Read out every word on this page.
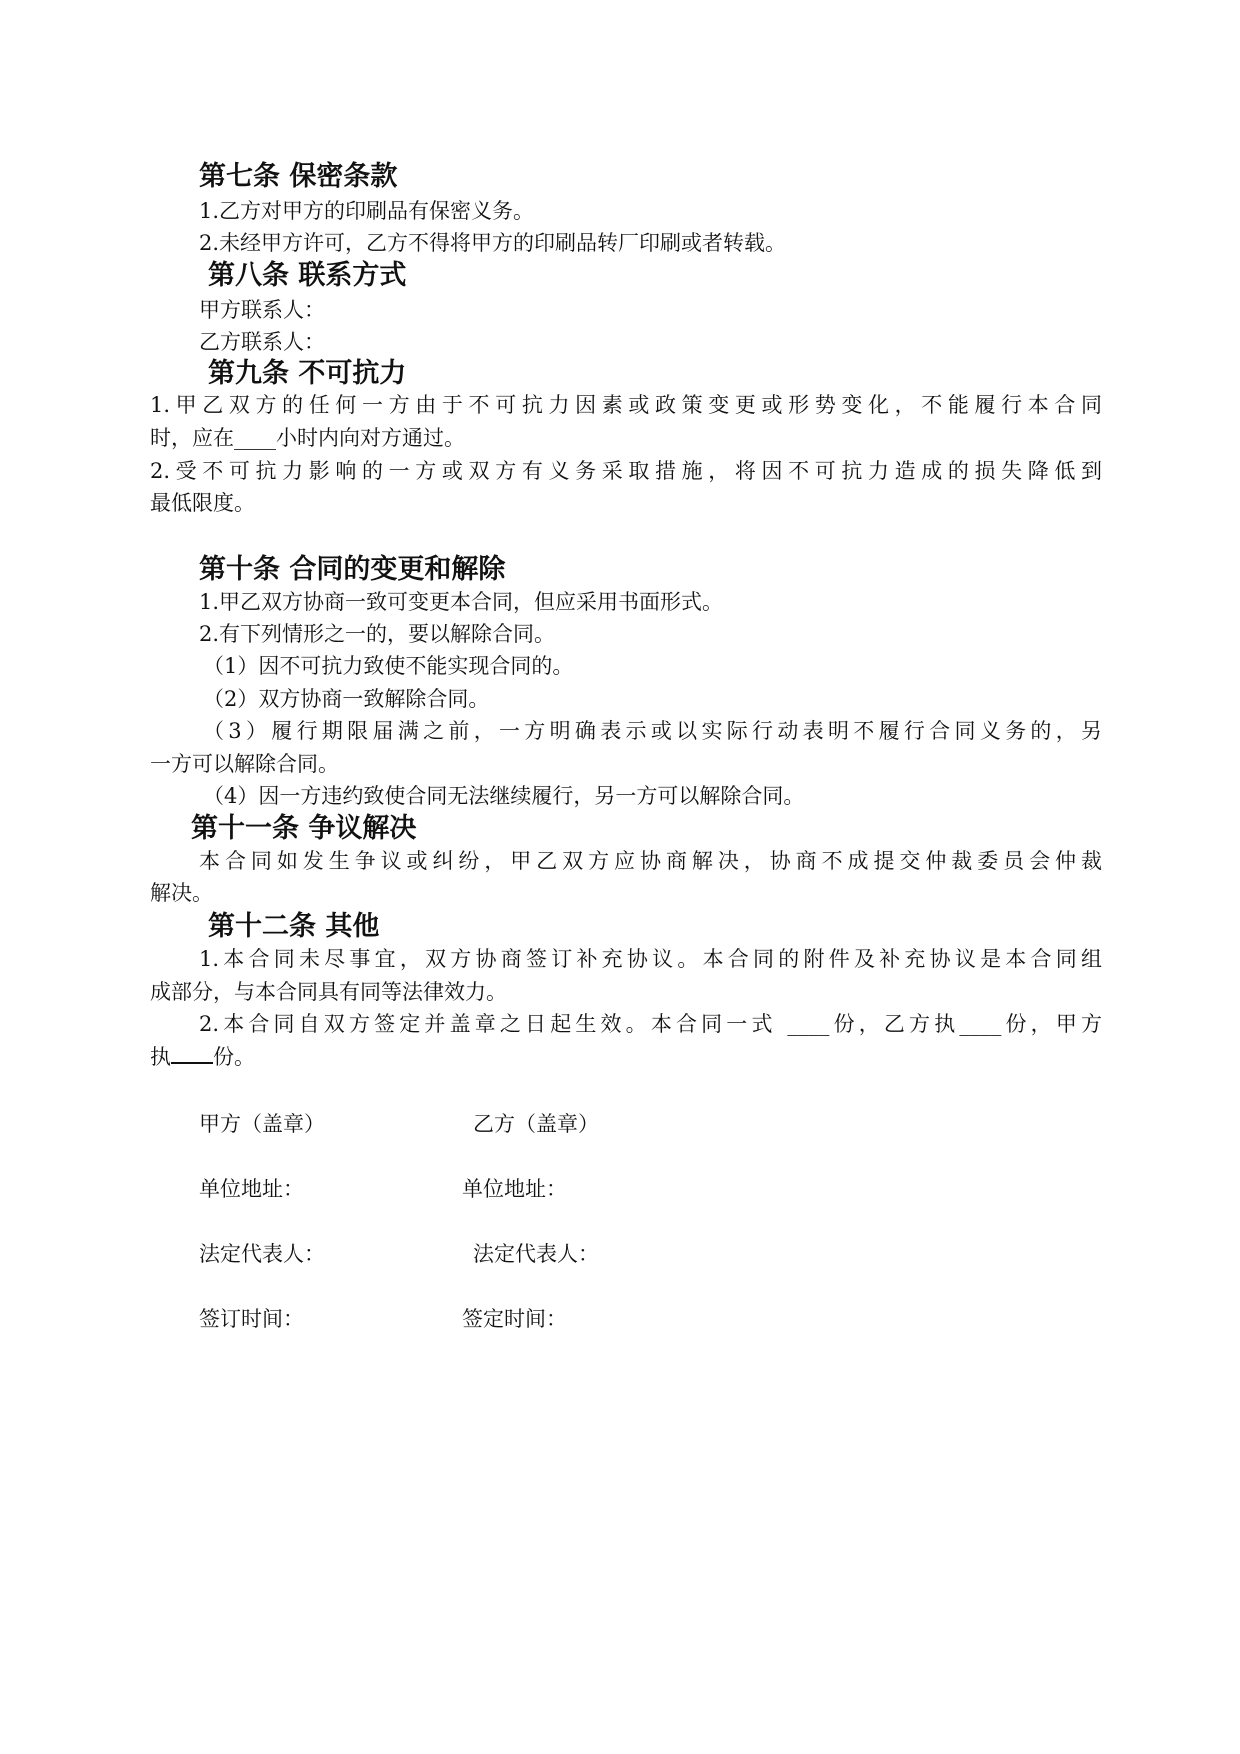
第七条 保密条款
1.乙方对甲方的印刷品有保密义务。
2.未经甲方许可，乙方不得将甲方的印刷品转厂印刷或者转载。
第八条 联系方式
甲方联系人：
乙方联系人：
第九条 不可抗力
1.甲乙双方的任何一方由于不可抗力因素或政策变更或形势变化，不能履行本合同
时，应在____小时内向对方通过。
2.受不可抗力影响的一方或双方有义务采取措施，将因不可抗力造成的损失降低到
最低限度。
第十条 合同的变更和解除
1.甲乙双方协商一致可变更本合同，但应采用书面形式。
2.有下列情形之一的，要以解除合同。
（1）因不可抗力致使不能实现合同的。
（2）双方协商一致解除合同。
（3）履行期限届满之前，一方明确表示或以实际行动表明不履行合同义务的，另
一方可以解除合同。
（4）因一方违约致使合同无法继续履行，另一方可以解除合同。
第十一条 争议解决
本合同如发生争议或纠纷，甲乙双方应协商解决，协商不成提交仲裁委员会仲裁
解决。
第十二条 其他
1.本合同未尽事宜，双方协商签订补充协议。本合同的附件及补充协议是本合同组
成部分，与本合同具有同等法律效力。
2.本合同自双方签定并盖章之日起生效。本合同一式 ____份，乙方执____份，甲方
执 份。
甲方（盖章）	乙方（盖章）
单位地址：	单位地址：
法定代表人：	法定代表人：
签订时间：	签定时间：
